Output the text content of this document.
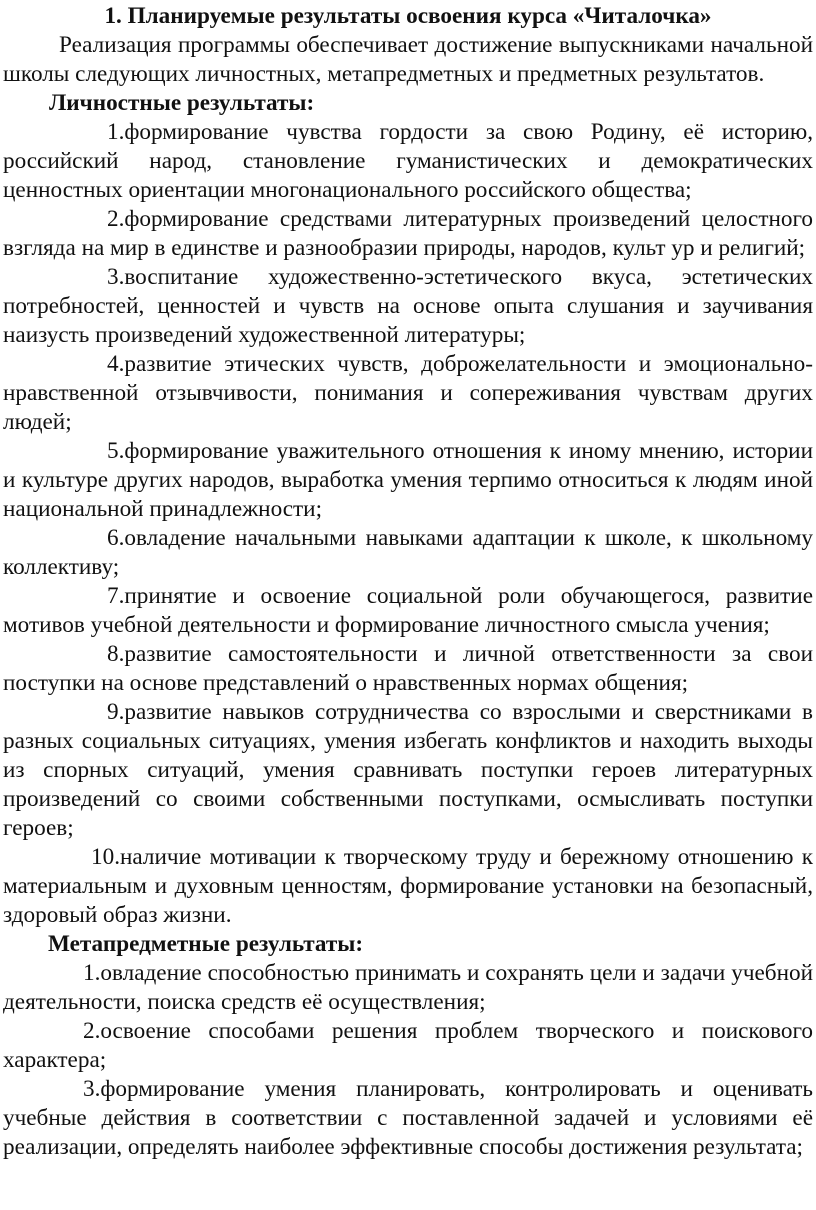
1. Планируемые результаты освоения курса «Читалочка»

Реализация программы обеспечивает достижение выпускниками начальной школы следующих личностных, метапредметных и предметных результатов.

Личностные результаты:

1.формирование чувства гордости за свою Родину, её историю, российский народ, становление гуманистических и демократических ценностных ориентации многонационального российского общества;

2.формирование средствами литературных произведений целостного взгляда на мир в единстве и разнообразии природы, народов, культ ур и религий;

3.воспитание художественно-эстетического вкуса, эстетических потребностей, ценностей и чувств на основе опыта слушания и заучивания наизусть произведений художественной литературы;

4.развитие этических чувств, доброжелательности и эмоционально-нравственной отзывчивости, понимания и сопереживания чувствам других людей;

5.формирование уважительного отношения к иному мнению, истории и культуре других народов, выработка умения терпимо относиться к людям иной национальной принадлежности;

6.овладение начальными навыками адаптации к школе, к школьному коллективу;

7.принятие и освоение социальной роли обучающегося, развитие мотивов учебной деятельности и формирование личностного смысла учения;

8.развитие самостоятельности и личной ответственности за свои поступки на основе представлений о нравственных нормах общения;

9.развитие навыков сотрудничества со взрослыми и сверстниками в разных социальных ситуациях, умения избегать конфликтов и находить выходы из спорных ситуаций, умения сравнивать поступки героев литературных произведений со своими собственными поступками, осмысливать поступки героев;

10.наличие мотивации к творческому труду и бережному отношению к материальным и духовным ценностям, формирование установки на безопасный, здоровый образ жизни.

Метапредметные результаты:

1.овладение способностью принимать и сохранять цели и задачи учебной деятельности, поиска средств её осуществления;

2.освоение способами решения проблем творческого и поискового характера;

3.формирование умения планировать, контролировать и оценивать учебные действия в соответствии с поставленной задачей и условиями её реализации, определять наиболее эффективные способы достижения результата;
